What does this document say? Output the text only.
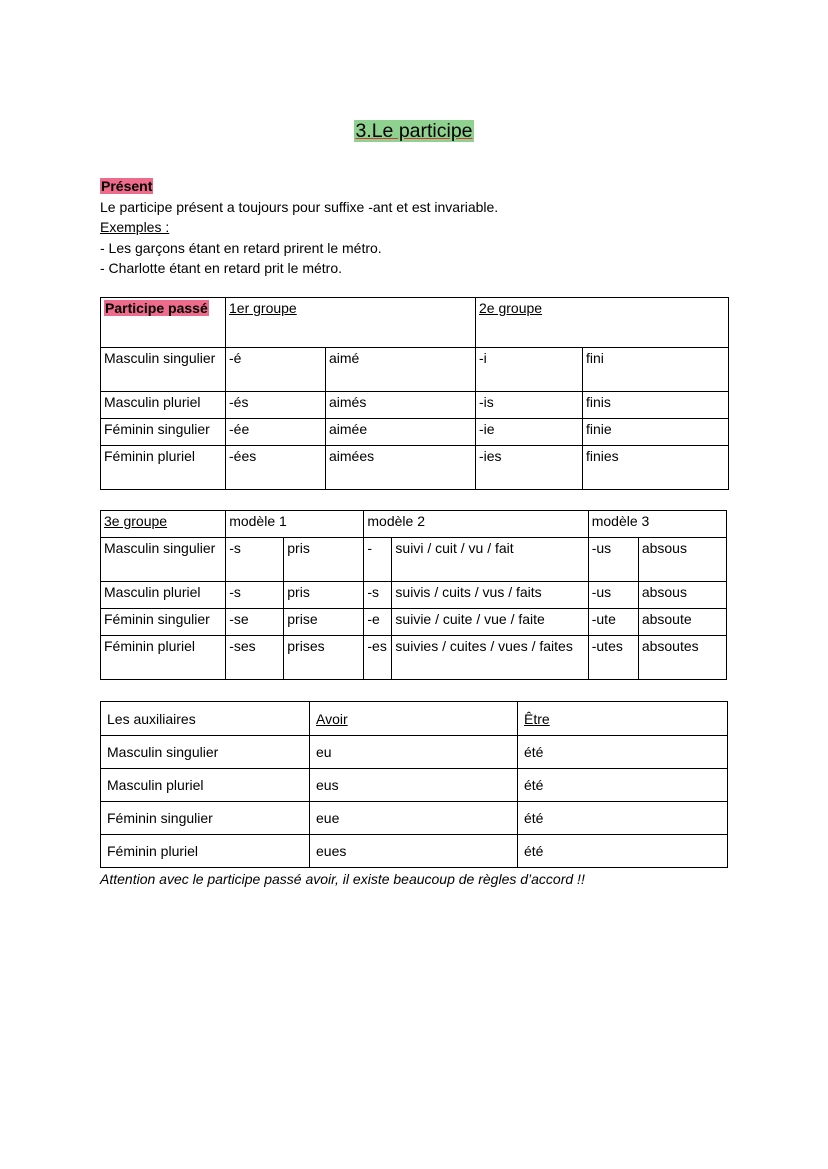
3.Le participe
Présent
Le participe présent a toujours pour suffixe -ant et est invariable.
Exemples :
- Les garçons étant en retard prirent le métro.
- Charlotte étant en retard prit le métro.
Participe passé	1er groupe		2e groupe	
Masculin singulier	-é	aimé	-i	fini
Masculin pluriel	-és	aimés	-is	finis
Féminin singulier	-ée	aimée	-ie	finie
Féminin pluriel	-ées	aimées	-ies	finies
3e groupe	modèle 1		modèle 2		modèle 3	
Masculin singulier	-s	pris	-	suivi / cuit / vu / fait	-us	absous
Masculin pluriel	-s	pris	-s	suivis / cuits / vus / faits	-us	absous
Féminin singulier	-se	prise	-e	suivie / cuite / vue / faite	-ute	absoute
Féminin pluriel	-ses	prises	-es	suivies / cuites / vues / faites	-utes	absoutes
Les auxiliaires	Avoir	Être
Masculin singulier	eu	été
Masculin pluriel	eus	été
Féminin singulier	eue	été
Féminin pluriel	eues	été
Attention avec le participe passé avoir, il existe beaucoup de règles d’accord !!
